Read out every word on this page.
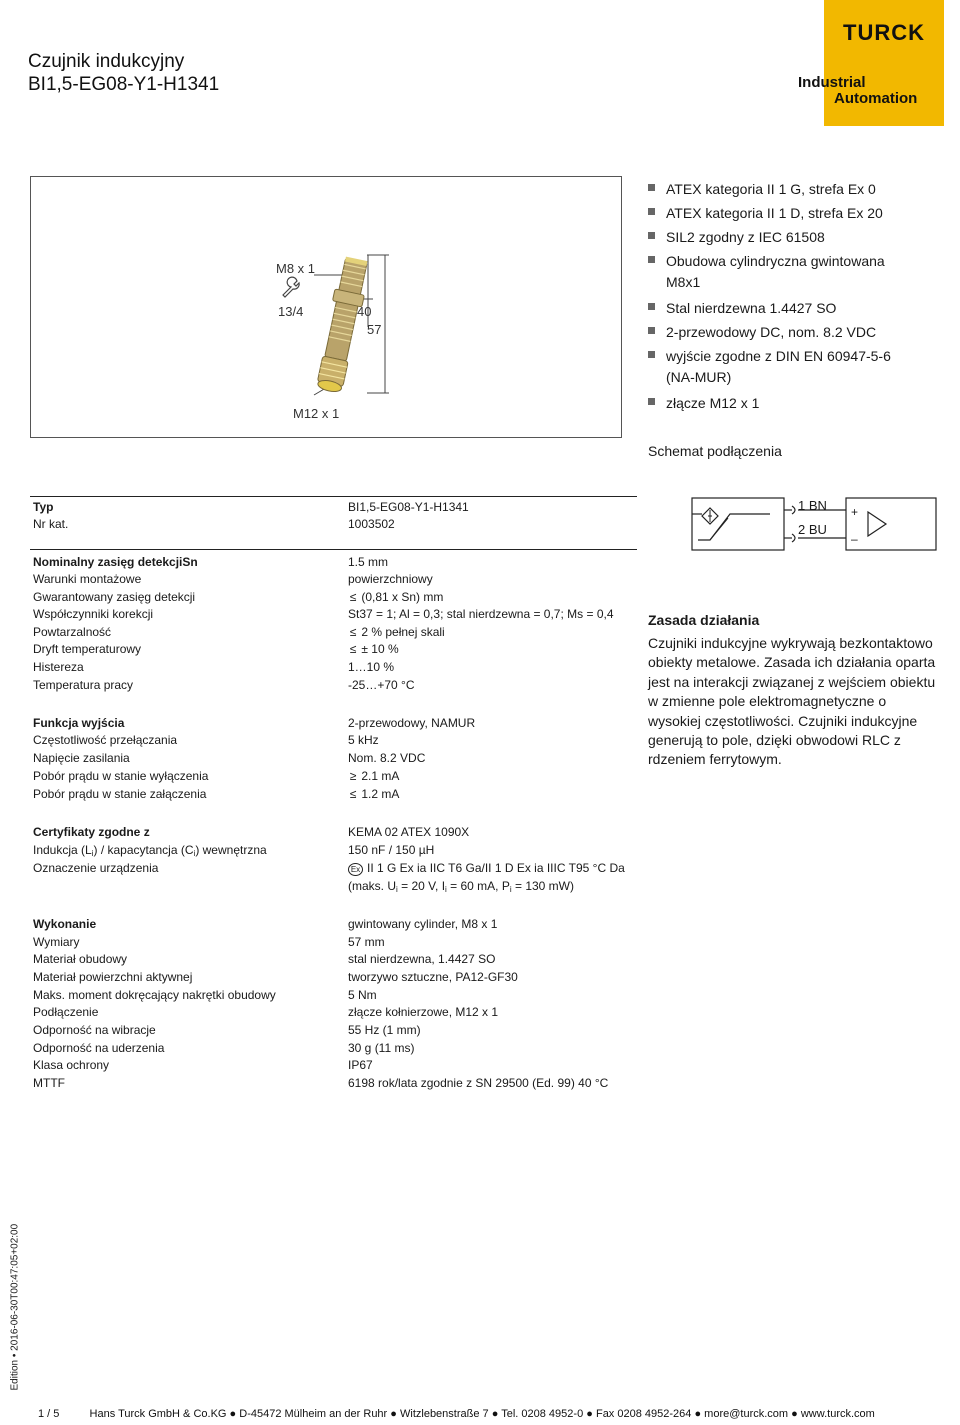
Czujnik indukcyjny
BI1,5-EG08-Y1-H1341
TURCK
Industrial
Automation
M8 x 1
13/4	40
57
M12 x 1
ATEX kategoria II 1 G, strefa Ex 0
ATEX kategoria II 1 D, strefa Ex 20
SIL2 zgodny z IEC 61508
Obudowa cylindryczna gwintowana M8x1
Stal nierdzewna 1.4427 SO
2-przewodowy DC, nom. 8.2 VDC
wyjście zgodne z DIN EN 60947-5-6 (NA-MUR)
złącze M12 x 1
Schemat podłączenia
1 BN
2 BU
+
–
Typ	BI1,5-EG08-Y1-H1341
Nr kat.	1003502
Nominalny zasięg detekcjiSn	1.5 mm
Warunki montażowe	powierzchniowy
Gwarantowany zasięg detekcji	≤ (0,81 x Sn) mm
Współczynniki korekcji	St37 = 1; Al = 0,3; stal nierdzewna = 0,7; Ms = 0,4
Powtarzalność	≤ 2 % pełnej skali
Dryft temperaturowy	≤ ± 10 %
Histereza	1…10 %
Temperatura pracy	-25…+70 °C
Funkcja wyjścia	2-przewodowy, NAMUR
Częstotliwość przełączania	5 kHz
Napięcie zasilania	Nom. 8.2 VDC
Pobór prądu w stanie wyłączenia	≥ 2.1 mA
Pobór prądu w stanie załączenia	≤ 1.2 mA
Certyfikaty zgodne z	KEMA 02 ATEX 1090X
Indukcja $(L_i)$ / kapacytancja $(C_i)$ wewnętrzna	150 nF / 150 µH
Oznaczenie urządzenia	Ex II 1 G Ex ia IIC T6 Ga/II 1 D Ex ia IIIC T95 °C Da
(maks. $U_i = 20$ V, $I_i = 60$ mA, $P_i = 130$ mW)
Wykonanie	gwintowany cylinder, M8 x 1
Wymiary	57 mm
Materiał obudowy	stal nierdzewna, 1.4427 SO
Materiał powierzchni aktywnej	tworzywo sztuczne, PA12-GF30
Maks. moment dokręcający nakrętki obudowy	5 Nm
Podłączenie	złącze kołnierzowe, M12 x 1
Odporność na wibracje	55 Hz (1 mm)
Odporność na uderzenia	30 g (11 ms)
Klasa ochrony	IP67
MTTF	6198 rok/lata zgodnie z SN 29500 (Ed. 99) 40 °C
Zasada działania
Czujniki indukcyjne wykrywają bezkontaktowo obiekty metalowe. Zasada ich działania oparta jest na interakcji związanej z wejściem obiektu w zmienne pole elektromagnetyczne o wysokiej częstotliwości. Czujniki indukcyjne generują to pole, dzięki obwodowi RLC z rdzeniem ferrytowym.
Edition • 2016-06-30T00:47:05+02:00
1 / 5	Hans Turck GmbH & Co.KG ● D-45472 Mülheim an der Ruhr ● Witzlebenstraße 7 ● Tel. 0208 4952-0 ● Fax 0208 4952-264 ● more@turck.com ● www.turck.com
